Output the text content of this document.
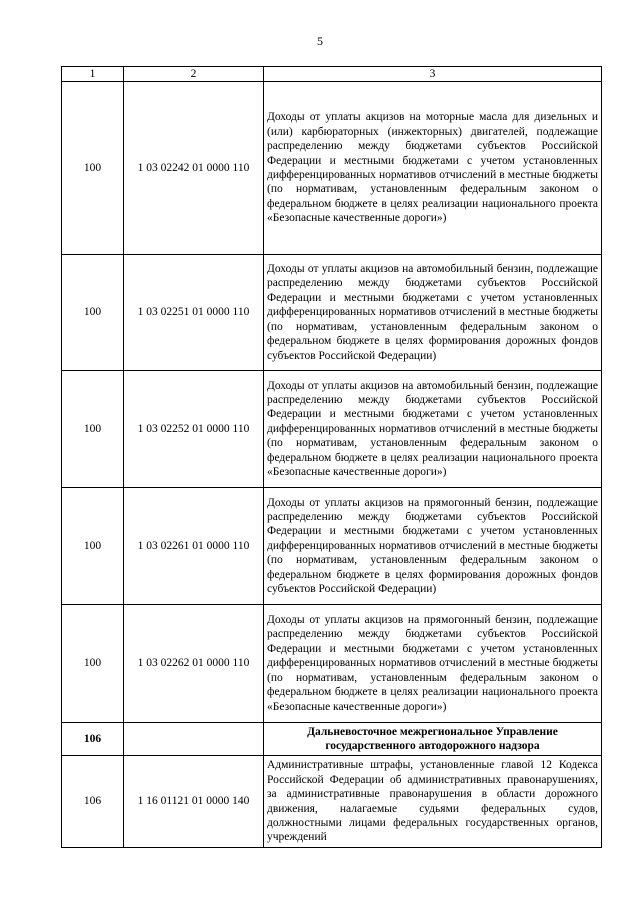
5
1	2	3
100	1 03 02242 01 0000 110	Доходы от уплаты акцизов на моторные масла для дизельных и (или) карбюраторных (инжекторных) двигателей, подлежащие распределению между бюджетами субъектов Российской Федерации и местными бюджетами с учетом установленных дифференцированных нормативов отчислений в местные бюджеты (по нормативам, установленным федеральным законом о федеральном бюджете в целях реализации национального проекта «Безопасные качественные дороги»)
100	1 03 02251 01 0000 110	Доходы от уплаты акцизов на автомобильный бензин, подлежащие распределению между бюджетами субъектов Российской Федерации и местными бюджетами с учетом установленных дифференцированных нормативов отчислений в местные бюджеты (по нормативам, установленным федеральным законом о федеральном бюджете в целях формирования дорожных фондов субъектов Российской Федерации)
100	1 03 02252 01 0000 110	Доходы от уплаты акцизов на автомобильный бензин, подлежащие распределению между бюджетами субъектов Российской Федерации и местными бюджетами с учетом установленных дифференцированных нормативов отчислений в местные бюджеты (по нормативам, установленным федеральным законом о федеральном бюджете в целях реализации национального проекта «Безопасные качественные дороги»)
100	1 03 02261 01 0000 110	Доходы от уплаты акцизов на прямогонный бензин, подлежащие распределению между бюджетами субъектов Российской Федерации и местными бюджетами с учетом установленных дифференцированных нормативов отчислений в местные бюджеты (по нормативам, установленным федеральным законом о федеральном бюджете в целях формирования дорожных фондов субъектов Российской Федерации)
100	1 03 02262 01 0000 110	Доходы от уплаты акцизов на прямогонный бензин, подлежащие распределению между бюджетами субъектов Российской Федерации и местными бюджетами с учетом установленных дифференцированных нормативов отчислений в местные бюджеты (по нормативам, установленным федеральным законом о федеральном бюджете в целях реализации национального проекта «Безопасные качественные дороги»)
106		Дальневосточное межрегиональное Управление государственного автодорожного надзора
106	1 16 01121 01 0000 140	Административные штрафы, установленные главой 12 Кодекса Российской Федерации об административных правонарушениях, за административные правонарушения в области дорожного движения, налагаемые судьями федеральных судов, должностными лицами федеральных государственных органов, учреждений
